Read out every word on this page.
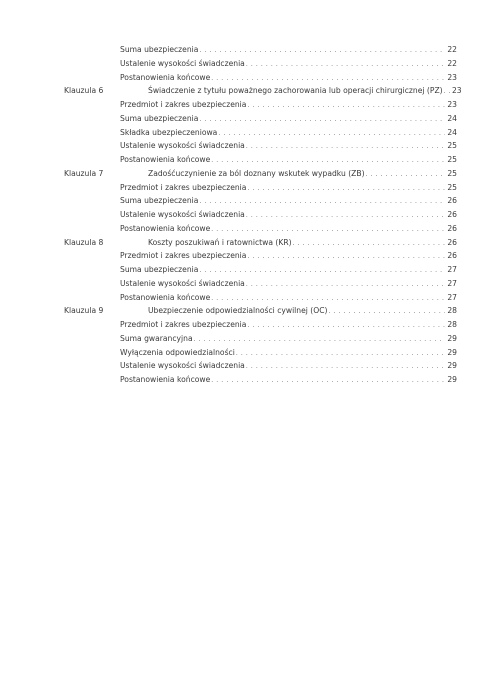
Suma ubezpieczenia . . .	22
Ustalenie wysokości świadczenia . . .	22
Postanowienia końcowe . . .	23
Klauzula 6	Świadczenie z tytułu poważnego zachorowania lub operacji chirurgicznej (PZ) . . .	23
Przedmiot i zakres ubezpieczenia . . .	23
Suma ubezpieczenia . . .	24
Składka ubezpieczeniowa . . .	24
Ustalenie wysokości świadczenia . . .	25
Postanowienia końcowe . . .	25
Klauzula 7	Zadośćuczynienie za ból doznany wskutek wypadku (ZB) . . .	25
Przedmiot i zakres ubezpieczenia . . .	25
Suma ubezpieczenia . . .	26
Ustalenie wysokości świadczenia . . .	26
Postanowienia końcowe . . .	26
Klauzula 8	Koszty poszukiwań i ratownictwa (KR) . . .	26
Przedmiot i zakres ubezpieczenia . . .	26
Suma ubezpieczenia . . .	27
Ustalenie wysokości świadczenia . . .	27
Postanowienia końcowe . . .	27
Klauzula 9	Ubezpieczenie odpowiedzialności cywilnej (OC) . . .	28
Przedmiot i zakres ubezpieczenia . . .	28
Suma gwarancyjna . . .	29
Wyłączenia odpowiedzialności . . .	29
Ustalenie wysokości świadczenia . . .	29
Postanowienia końcowe . . .	29
